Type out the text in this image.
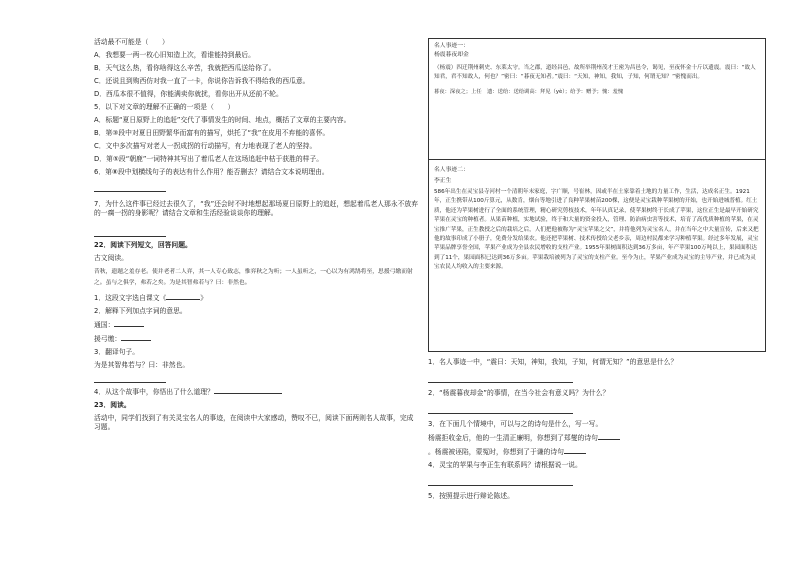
活动最不可能是（　　）

A．我想要一两一枚心旧知造上次，看谁能持到最后。

B．天气这么热，看你啥得这么辛苦，我就把西瓜送给你了。

C．还说且到购西仿对我一直了一卡，你说你告诉我不得给我的西瓜意。

D．西瓜本很不值得，你能满卖你就扰，看你出开从还前不轮。

5．以下对文章的理解不正确的一项是（　　）

A．标题“夏日原野上的追赶”交代了事情发生的时间、地点，概括了文章的主要内容。

B．第③段中对夏日田野繁华而富有的描写，烘托了“我”在皮用不弃能的喜怀。

C．文中多次描写对老人一拐成拐的行动描写，有力地表现了老人的坚持。

D．第⑤段“朝鹿”一词特神其写出了着瓜老人在这场追赶中枯于获胜的样子。

6．第⑧段中划横线句子的表达有什么作用？能否删去？请结合文本说明理由。

7．为什么这件事已经过去很久了，“我”还会时不时地想起那场夏日原野上的追赶，想起着瓜老人那永不放弃的一瘸一拐的身影呢？请结合文章和生活经验谈谈你的理解。

22．阅读下列短文，回答问题。

古文阅读。

昔秋，遗题之羞存老。使并老者二人弈，其一人专心致志，惟弈秋之为听；一人虽听之，一心以为有鸿鹄将至，思援弓缴而射之。虽与之俱学，弗若之矣。为是其智弗若与？曰：非然也。

1．这段文字选自课文《	》

2．解释下列加点字词的意思。

通国：

援弓缴：

3．翻译句子。

为是其智弗若与？曰：非然也。

4．从这个故事中，你悟出了什么道理？

23．阅读。

活动中，同学们找到了有关灵宝名人的事迹，在阅读中大家感动，赞叹不已，阅读下面两则名人故事，完成习题。

名人事迹一：

杨震暮夜却金

（杨震）四迁荆州刺史、东莱太守。当之郡，道经昌邑，故所举荆州茂才王密为昌邑令，谒见，至夜怀金十斤以遗震。震曰：“故人知君，君不知故人，何也？”密曰：“暮夜无知者。”震曰：“天知，神知，我知，子知，何谓无知？”密愧而出。

暮夜：深夜之；上任　遗：送给：送给调高：拜见（yè）；给予：赠予；愧：羞愧

名人事迹二：

李正生

586年出生在灵宝县寺河村一个清朝年末家庭，字广顺，号崔林，因或半在土家靠着土地的力量工作，生活，达成名正生。1921年，正生携带从100斤算元，从数肯，烟台等地引进了良种苹果树苗200棵，这便是灵宝栽种苹果树的开始，也开始进城普植。红土质，他还为苹果树进行了全面的系统管理，精心研究剪枝技术，年年认真记录，使苹果树终于长成了苹果，这位正生是最早开始研究苹果在灵宝的种植者。从果苗种植，实地试验，终于和大量的资金投入，管理、防治病虫害等技术，培育了高优质种植的苹果，在灵宝推广苹果，正生教授之后的栽培之后，人们把他被称为“灵宝苹果之父”，并将他列为灵宝名人，并在当年之中大量宣传，后来又把他的故事印成了小册子，免费分发给果农。他还把苹果树、技术传授给父老乡亲，周边村民都来学习种植苹果。经过多年发展，灵宝苹果品牌享誉全国，苹果产业成为全县农民增收的支柱产业。1955年果树面积达到36万多亩，年产苹果100万吨以上，果园面积达到了11个，果园面积已达到36万多亩。苹果栽培被列为了灵宝的支柱产业。至今为止，苹果产业成为灵宝的主导产业，并已成为灵宝农民人均收入的主要来源。

1．名人事迹一中，“震曰：天知，神知，我知，子知，何谓无知？”的意思是什么？

2．“杨震暮夜却金”的事情，在当今社会有意义吗？为什么？

3．在下面几个情境中，可以与之的诗句是什么，写一写。

杨震拒收金后，他的一生清正廉明，你想到了郑燮的诗句

。杨震被诬陷，蒙冤时，你想到了于谦的诗句

4．灵宝的苹果与李正生有联系吗？请根据说一说。

5．按照提示进行辩论陈述。
